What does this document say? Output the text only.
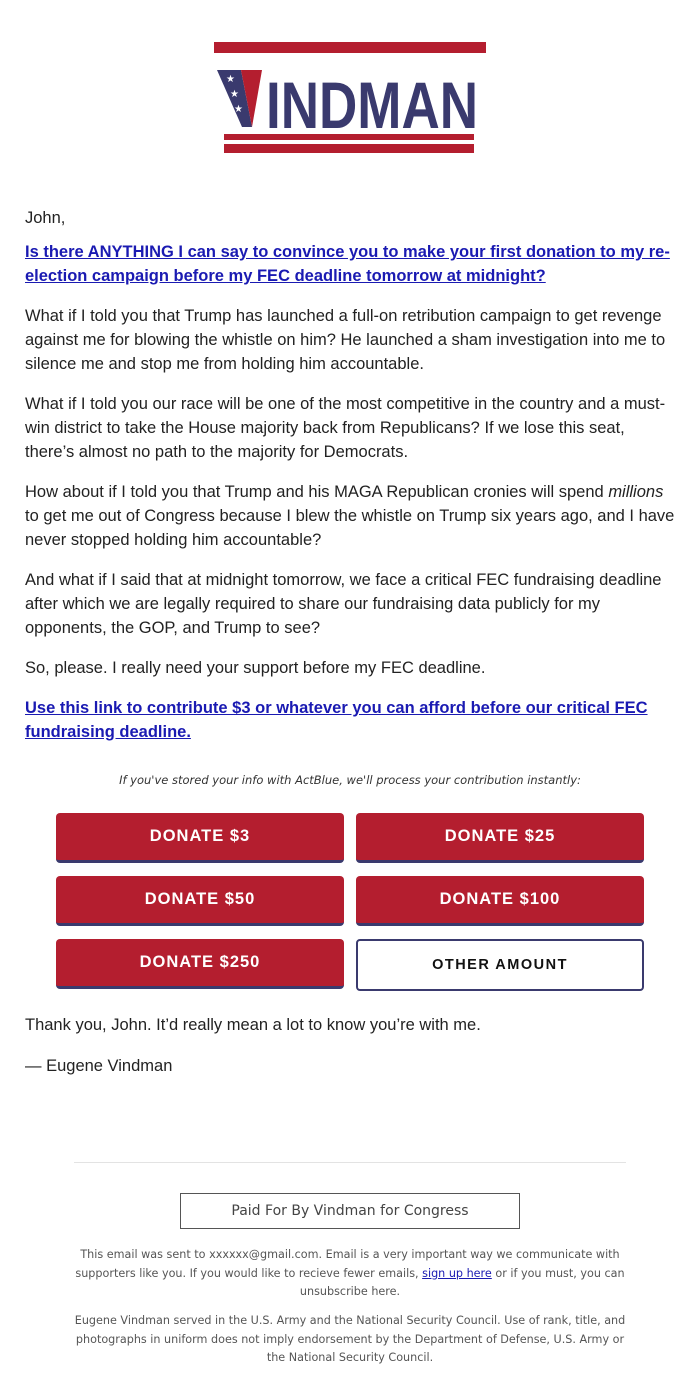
★
★
★ INDMAN

John,

Is there ANYTHING I can say to convince you to make your first donation to my re-election campaign before my FEC deadline tomorrow at midnight?

What if I told you that Trump has launched a full-on retribution campaign to get revenge against me for blowing the whistle on him? He launched a sham investigation into me to silence me and stop me from holding him accountable.

What if I told you our race will be one of the most competitive in the country and a must-win district to take the House majority back from Republicans? If we lose this seat, there’s almost no path to the majority for Democrats.

How about if I told you that Trump and his MAGA Republican cronies will spend millions to get me out of Congress because I blew the whistle on Trump six years ago, and I have never stopped holding him accountable?

And what if I said that at midnight tomorrow, we face a critical FEC fundraising deadline after which we are legally required to share our fundraising data publicly for my opponents, the GOP, and Trump to see?

So, please. I really need your support before my FEC deadline.

Use this link to contribute $3 or whatever you can afford before our critical FEC fundraising deadline.

If you've stored your info with ActBlue, we'll process your contribution instantly:
DONATE $3	DONATE $25
DONATE $50	DONATE $100
DONATE $250	OTHER AMOUNT
Thank you, John. It’d really mean a lot to know you’re with me.
— Eugene Vindman
Paid For By Vindman for Congress
This email was sent to xxxxxx@gmail.com. Email is a very important way we communicate with supporters like you. If you would like to recieve fewer emails, sign up here or if you must, you can unsubscribe here.
Eugene Vindman served in the U.S. Army and the National Security Council. Use of rank, title, and photographs in uniform does not imply endorsement by the Department of Defense, U.S. Army or the National Security Council.
